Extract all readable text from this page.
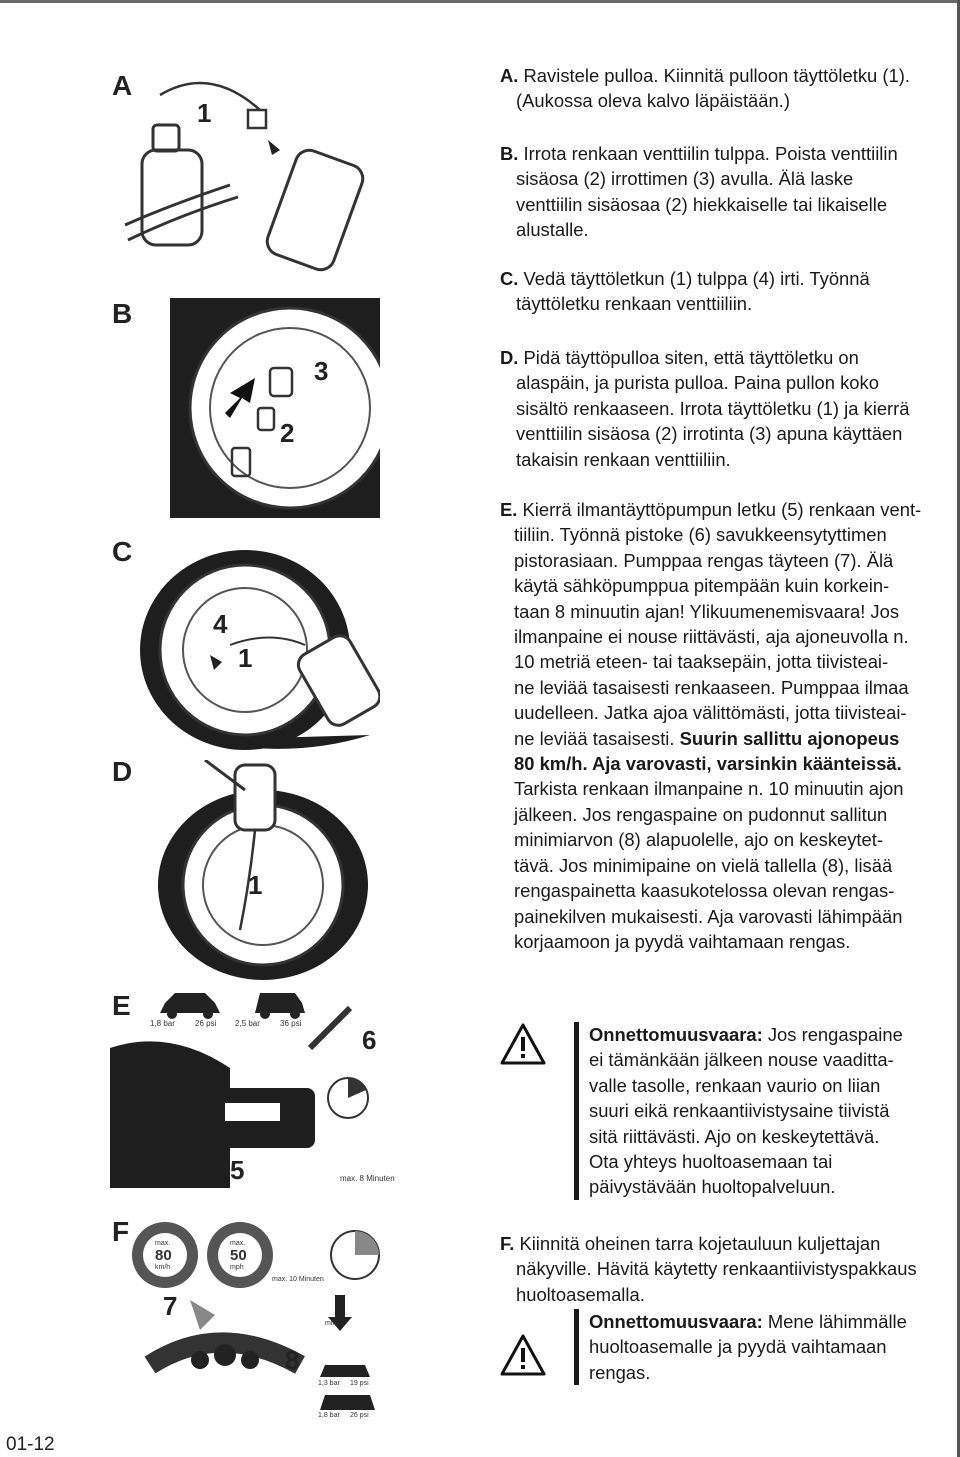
A
1
B
3
2
C
4
1
D
1
E
1,8 bar	26 psi 2,5 bar	36 psi
max. 8 Minuten
6
5
F	max.
80
km/h
max.
50
mph
max. 10 Minuten
min.
1,3 bar 19 psi
1,8 bar 26 psi
7
8
A. Ravistele pulloa. Kiinnitä pulloon täyttöletku (1).
(Aukossa oleva kalvo läpäistään.)
B. Irrota renkaan venttiilin tulppa. Poista venttiilin
sisäosa (2) irrottimen (3) avulla. Älä laske
venttiilin sisäosaa (2) hiekkaiselle tai likaiselle
alustalle.
C. Vedä täyttöletkun (1) tulppa (4) irti. Työnnä
täyttöletku renkaan venttiiliin.
D. Pidä täyttöpulloa siten, että täyttöletku on
alaspäin, ja purista pulloa. Paina pullon koko
sisältö renkaaseen. Irrota täyttöletku (1) ja kierrä
venttiilin sisäosa (2) irrotinta (3) apuna käyttäen
takaisin renkaan venttiiliin.
E. Kierrä ilmantäyttöpumpun letku (5) renkaan vent-
tiiliin. Työnnä pistoke (6) savukkeensytyttimen
pistorasiaan. Pumppaa rengas täyteen (7). Älä
käytä sähköpumppua pitempään kuin korkein-
taan 8 minuutin ajan! Ylikuumenemisvaara! Jos
ilmanpaine ei nouse riittävästi, aja ajoneuvolla n.
10 metriä eteen- tai taaksepäin, jotta tiivisteai-
ne leviää tasaisesti renkaaseen. Pumppaa ilmaa
uudelleen. Jatka ajoa välittömästi, jotta tiivisteai-
ne leviää tasaisesti. Suurin sallittu ajonopeus
80 km/h. Aja varovasti, varsinkin käänteissä.
Tarkista renkaan ilmanpaine n. 10 minuutin ajon
jälkeen. Jos rengaspaine on pudonnut sallitun
minimiarvon (8) alapuolelle, ajo on keskeytet-
tävä. Jos minimipaine on vielä tallella (8), lisää
rengaspainetta kaasukotelossa olevan rengas-
painekilven mukaisesti. Aja varovasti lähimpään
korjaamoon ja pyydä vaihtamaan rengas.
Onnettomuusvaara: Jos rengaspaine
ei tämänkään jälkeen nouse vaaditta-
valle tasolle, renkaan vaurio on liian
suuri eikä renkaantiivistysaine tiivistä
sitä riittävästi. Ajo on keskeytettävä.
Ota yhteys huoltoasemaan tai
päivystävään huoltopalveluun.
F. Kiinnitä oheinen tarra kojetauluun kuljettajan
näkyville. Hävitä käytetty renkaantiivistyspakkaus
huoltoasemalla.
Onnettomuusvaara: Mene lähimmälle
huoltoasemalle ja pyydä vaihtamaan
rengas.
01-12
